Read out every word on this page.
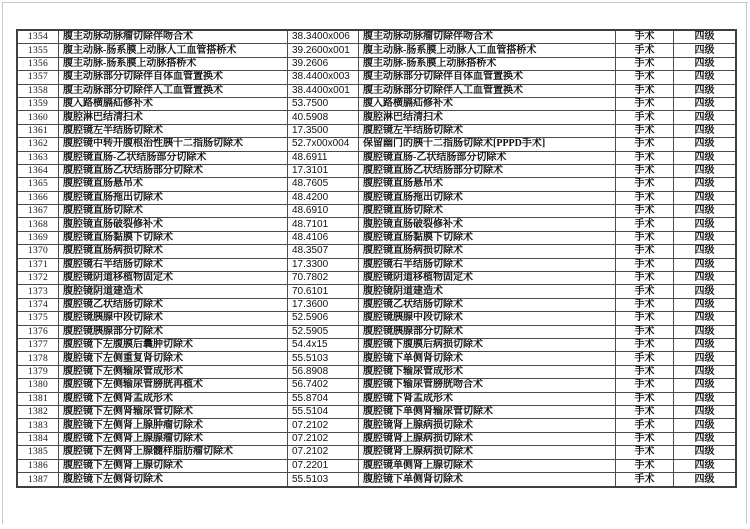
1354	腹主动脉动脉瘤切除伴吻合术	38.3400x006	腹主动脉动脉瘤切除伴吻合术	手术	四级
1355	腹主动脉-肠系膜上动脉人工血管搭桥术	39.2600x001	腹主动脉-肠系膜上动脉人工血管搭桥术	手术	四级
1356	腹主动脉-肠系膜上动脉搭桥术	39.2606	腹主动脉-肠系膜上动脉搭桥术	手术	四级
1357	腹主动脉部分切除伴自体血管置换术	38.4400x003	腹主动脉部分切除伴自体血管置换术	手术	四级
1358	腹主动脉部分切除伴人工血管置换术	38.4400x001	腹主动脉部分切除伴人工血管置换术	手术	四级
1359	腹入路横膈疝修补术	53.7500	腹入路横膈疝修补术	手术	四级
1360	腹腔淋巴结清扫术	40.5908	腹腔淋巴结清扫术	手术	四级
1361	腹腔镜左半结肠切除术	17.3500	腹腔镜左半结肠切除术	手术	四级
1362	腹腔镜中转开腹根治性胰十二指肠切除术	52.7x00x004	保留幽门的胰十二指肠切除术[PPPD手术]	手术	四级
1363	腹腔镜直肠-乙状结肠部分切除术	48.6911	腹腔镜直肠-乙状结肠部分切除术	手术	四级
1364	腹腔镜直肠乙状结肠部分切除术	17.3101	腹腔镜直肠乙状结肠部分切除术	手术	四级
1365	腹腔镜直肠悬吊术	48.7605	腹腔镜直肠悬吊术	手术	四级
1366	腹腔镜直肠拖出切除术	48.4200	腹腔镜直肠拖出切除术	手术	四级
1367	腹腔镜直肠切除术	48.6910	腹腔镜直肠切除术	手术	四级
1368	腹腔镜直肠破裂修补术	48.7101	腹腔镜直肠破裂修补术	手术	四级
1369	腹腔镜直肠黏膜下切除术	48.4106	腹腔镜直肠黏膜下切除术	手术	四级
1370	腹腔镜直肠病损切除术	48.3507	腹腔镜直肠病损切除术	手术	四级
1371	腹腔镜右半结肠切除术	17.3300	腹腔镜右半结肠切除术	手术	四级
1372	腹腔镜阴道移植物固定术	70.7802	腹腔镜阴道移植物固定术	手术	四级
1373	腹腔镜阴道建造术	70.6101	腹腔镜阴道建造术	手术	四级
1374	腹腔镜乙状结肠切除术	17.3600	腹腔镜乙状结肠切除术	手术	四级
1375	腹腔镜胰腺中段切除术	52.5906	腹腔镜胰腺中段切除术	手术	四级
1376	腹腔镜胰腺部分切除术	52.5905	腹腔镜胰腺部分切除术	手术	四级
1377	腹腔镜下左腹膜后囊肿切除术	54.4x15	腹腔镜下腹膜后病损切除术	手术	四级
1378	腹腔镜下左侧重复肾切除术	55.5103	腹腔镜下单侧肾切除术	手术	四级
1379	腹腔镜下左侧输尿管成形术	56.8908	腹腔镜下输尿管成形术	手术	四级
1380	腹腔镜下左侧输尿管膀胱再植术	56.7402	腹腔镜下输尿管膀胱吻合术	手术	四级
1381	腹腔镜下左侧肾盂成形术	55.8704	腹腔镜下肾盂成形术	手术	四级
1382	腹腔镜下左侧肾输尿管切除术	55.5104	腹腔镜下单侧肾输尿管切除术	手术	四级
1383	腹腔镜下左侧肾上腺肿瘤切除术	07.2102	腹腔镜肾上腺病损切除术	手术	四级
1384	腹腔镜下左侧肾上腺腺瘤切除术	07.2102	腹腔镜肾上腺病损切除术	手术	四级
1385	腹腔镜下左侧肾上腺髓样脂肪瘤切除术	07.2102	腹腔镜肾上腺病损切除术	手术	四级
1386	腹腔镜下左侧肾上腺切除术	07.2201	腹腔镜单侧肾上腺切除术	手术	四级
1387	腹腔镜下左侧肾切除术	55.5103	腹腔镜下单侧肾切除术	手术	四级
